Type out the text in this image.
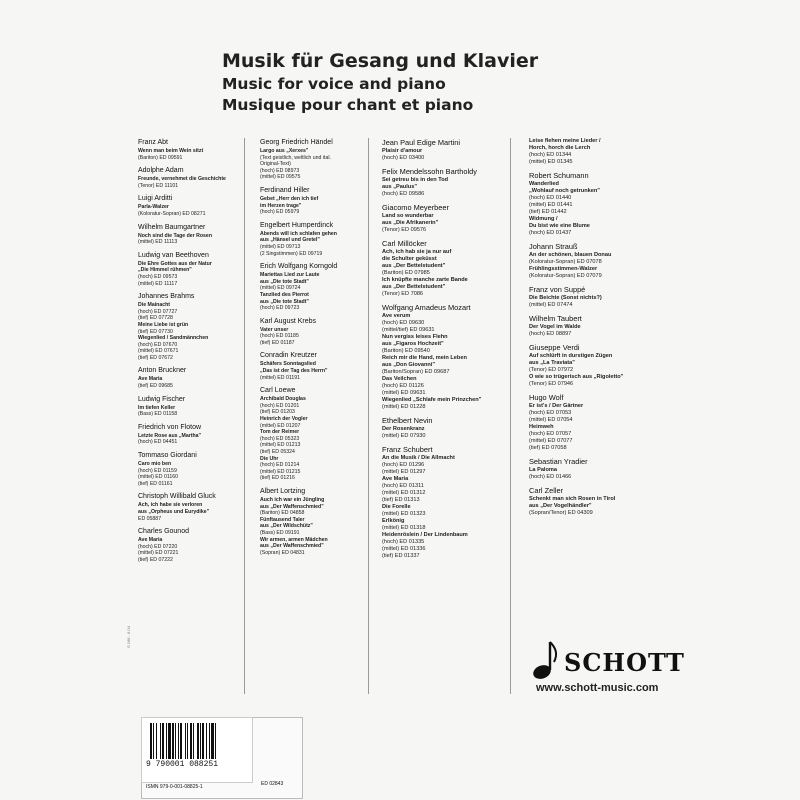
Musik für Gesang und Klavier
Music for voice and piano
Musique pour chant et piano
Franz Abt
Wenn man beim Wein sitzt
(Bariton) ED 09591
Adolphe Adam
Freunde, vernehmet die Geschichte
(Tenor) ED 11101
Luigi Arditti
Parla-Walzer
(Koloratur-Sopran) ED 08271
Wilhelm Baumgartner
Noch sind die Tage der Rosen
(mittel) ED 11113
Ludwig van Beethoven
Die Ehre Gottes aus der Natur
„Die Himmel rühmen"
(hoch) ED 09573
(mittel) ED 11117
Johannes Brahms
Die Mainacht
(hoch) ED 07727
(tief) ED 07728
Meine Liebe ist grün
(tief) ED 07730
Wiegenlied / Sandmännchen
(hoch) ED 07670
(mittel) ED 07671
(tief) ED 07672
Anton Bruckner
Ave Maria
(tief) ED 09685
Ludwig Fischer
Im tiefen Keller
(Bass) ED 01158
Friedrich von Flotow
Letzte Rose aus „Martha"
(hoch) ED 04451
Tommaso Giordani
Caro mio ben
(hoch) ED 01159
(mittel) ED 01160
(tief) ED 01161
Christoph Willibald Gluck
Ach, ich habe sie verloren
aus „Orpheus und Eurydike"
ED 05887
Charles Gounod
Ave Maria
(hoch) ED 07220
(mittel) ED 07221
(tief) ED 07222
Georg Friedrich Händel
Largo aus „Xerxes"
(Text geistlich, weltlich und ital.
Original-Text)
(hoch) ED 08973
(mittel) ED 09575
Ferdinand Hiller
Gebet „Herr den ich tief
im Herzen trage"
(hoch) ED 05979
Engelbert Humperdinck
Abends will ich schlafen gehen
aus „Hänsel und Gretel"
(mittel) ED 09713
(2 Singstimmen) ED 09719
Erich Wolfgang Korngold
Mariettas Lied zur Laute
aus „Die tote Stadt"
(mittel) ED 09724
Tanzlied des Pierrot
aus „Die tote Stadt"
(hoch) ED 09723
Karl August Krebs
Vater unser
(hoch) ED 01185
(tief) ED 01187
Conradin Kreutzer
Schäfers Sonntagslied
„Das ist der Tag des Herrn"
(mittel) ED 01191
Carl Loewe
Archibald Douglas
(hoch) ED 01201
(tief) ED 01203
Heinrich der Vogler
(mittel) ED 01207
Tom der Reimer
(hoch) ED 05323
(mittel) ED 01213
(tief) ED 05324
Die Uhr
(hoch) ED 01214
(mittel) ED 01215
(tief) ED 01216
Albert Lortzing
Auch ich war ein Jüngling
aus „Der Waffenschmied"
(Bariton) ED 04858
Fünftausend Taler
aus „Der Wildschütz"
(Bass) ED 09191
Wir armen, armen Mädchen
aus „Der Waffenschmied"
(Sopran) ED 04831
Jean Paul Edige Martini
Plaisir d'amour
(hoch) ED 03400
Felix Mendelssohn Bartholdy
Sei getreu bis in den Tod
aus „Paulus"
(hoch) ED 09586
Giacomo Meyerbeer
Land so wunderbar
aus „Die Afrikanerin"
(Tenor) ED 09576
Carl Millöcker
Ach, ich hab sie ja nur auf
die Schulter geküsst
aus „Der Bettelstudent"
(Bariton) ED 07985
Ich knüpfte manche zarte Bande
aus „Der Bettelstudent"
(Tenor) ED 7086
Wolfgang Amadeus Mozart
Ave verum
(hoch) ED 09630
(mittel/tief) ED 09631
Nun vergiss leises Flehn
aus „Figaros Hochzeit"
(Bariton) ED 09540
Reich mir die Hand, mein Leben
aus „Don Giovanni"
(Bariton/Sopran) ED 09687
Das Veilchen
(hoch) ED 01126
(mittel) ED 09631
Wiegenlied „Schlafe mein Prinzchen"
(mittel) ED 01228
Ethelbert Nevin
Der Rosenkranz
(mittel) ED 07930
Franz Schubert
An die Musik / Die Allmacht
(hoch) ED 01296
(mittel) ED 01297
Ave Maria
(hoch) ED 01311
(mittel) ED 01312
(tief) ED 01313
Die Forelle
(mittel) ED 01323
Erlkönig
(mittel) ED 01318
Heidenröslein / Der Lindenbaum
(hoch) ED 01335
(mittel) ED 01336
(tief) ED 01337
Leise flehen meine Lieder /
Horch, horch die Lerch
(hoch) ED 01344
(mittel) ED 01345
Robert Schumann
Wanderlied
„Wohlauf noch getrunken"
(hoch) ED 01440
(mittel) ED 01441
(tief) ED 01442
Widmung /
Du bist wie eine Blume
(hoch) ED 01437
Johann Strauß
An der schönen, blauen Donau
(Koloratur-Sopran) ED 07078
Frühlingsstimmen-Walzer
(Koloratur-Sopran) ED 07079
Franz von Suppé
Die Beichte (Sonst nichts?)
(mittel) ED 07474
Wilhelm Taubert
Der Vogel im Walde
(hoch) ED 08897
Giuseppe Verdi
Auf schlürft in durstigen Zügen
aus „La Traviata"
(Tenor) ED 07972
O wie so trügerisch aus „Rigoletto"
(Tenor) ED 07946
Hugo Wolf
Er ist's / Der Gärtner
(hoch) ED 07053
(mittel) ED 07054
Heimweh
(hoch) ED 07057
(mittel) ED 07077
(tief) ED 07058
Sebastian Yradier
La Paloma
(hoch) ED 01466
Carl Zeller
Schenkt man sich Rosen in Tirol
aus „Der Vogelhändler"
(Sopran/Tenor) ED 04309
S 168 - 6.04
SCHOTT
www.schott-music.com
9 790001 088251
ISMN 979-0-001-08825-1	ED 02843
